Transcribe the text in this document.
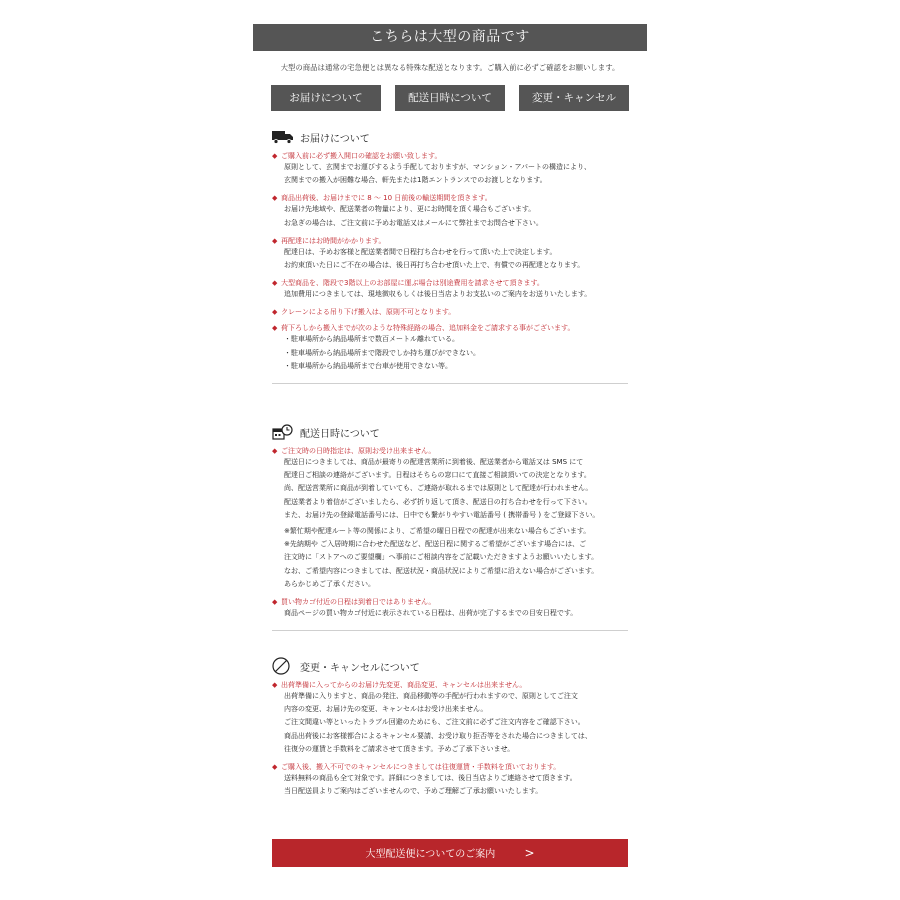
こちらは大型の商品です
大型の商品は通常の宅急便とは異なる特殊な配送となります。ご購入前に必ずご確認をお願いします。
お届けについて	配送日時について	変更・キャンセル
お届けについて
◆ ご購入前に必ず搬入開口の確認をお願い致します。
原則として、玄関までお運びするよう手配しておりますが、マンション・アパートの構造により、
玄関までの搬入が困難な場合、軒先または1階エントランスでのお渡しとなります。
◆ 商品出荷後、お届けまでに 8 ～ 10 日前後の輸送期間を頂きます。
お届け先地域や、配送業者の物量により、更にお時間を頂く場合もございます。
お急ぎの場合は、ご注文前に予めお電話又はメールにて弊社までお問合せ下さい。
◆ 再配達にはお時間がかかります。
配達日は、予めお客様と配送業者間で日程打ち合わせを行って頂いた上で決定します。
お約束頂いた日にご不在の場合は、後日再打ち合わせ頂いた上で、有償での再配達となります。
◆ 大型商品を、階段で3階以上のお部屋に運ぶ場合は別途費用を請求させて頂きます。
追加費用につきましては、現地徴収もしくは後日当店よりお支払いのご案内をお送りいたします。
◆ クレーンによる吊り下げ搬入は、原則不可となります。
◆ 荷下ろしから搬入までが次のような特殊経路の場合、追加料金をご請求する事がございます。
・駐車場所から納品場所まで数百メートル離れている。
・駐車場所から納品場所まで階段でしか持ち運びができない。
・駐車場所から納品場所まで台車が使用できない等。
配送日時について
◆ ご注文時の日時指定は、原則お受け出来ません。
配送日につきましては、商品が最寄りの配達営業所に到着後、配送業者から電話又は SMS にて
配達日ご相談の連絡がございます。日程はそちらの窓口にて直接ご相談頂いての決定となります。
尚、配送営業所に商品が到着していても、ご連絡が取れるまでは原則として配達が行われません。
配送業者より着信がございましたら、必ず折り返して頂き、配送日の打ち合わせを行って下さい。
また、お届け先の登録電話番号には、日中でも繋がりやすい電話番号 ( 携帯番号 ) をご登録下さい。
※繁忙期や配達ルート等の関係により、ご希望の曜日日程での配達が出来ない場合もございます。
※先納期や ご入居時期に合わせた配送など、配送日程に関するご希望がございます場合には、ご
注文時に「ストアへのご要望欄」へ事前にご相談内容をご記載いただきますようお願いいたします。
なお、ご希望内容につきましては、配送状況・商品状況によりご希望に沿えない場合がございます。
あらかじめご了承ください。
◆ 買い物カゴ付近の日程は到着日ではありません。
商品ページの買い物カゴ付近に表示されている日程は、出荷が完了するまでの目安日程です。
変更・キャンセルについて
◆ 出荷準備に入ってからのお届け先変更、商品変更、キャンセルは出来ません。
出荷準備に入りますと、商品の発注、商品移動等の手配が行われますので、原則としてご注文
内容の変更、お届け先の変更、キャンセルはお受け出来ません。
ご注文間違い等といったトラブル回避のためにも、ご注文前に必ずご注文内容をご確認下さい。
商品出荷後にお客様都合によるキャンセル要請、お受け取り拒否等をされた場合につきましては、
往復分の運賃と手数料をご請求させて頂きます。予めご了承下さいませ。
◆ ご購入後、搬入不可でのキャンセルにつきましては往復運賃・手数料を頂いております。
送料無料の商品も全て対象です。詳細につきましては、後日当店よりご連絡させて頂きます。
当日配送員よりご案内はございませんので、予めご理解ご了承お願いいたします。
大型配送便についてのご案内 >
